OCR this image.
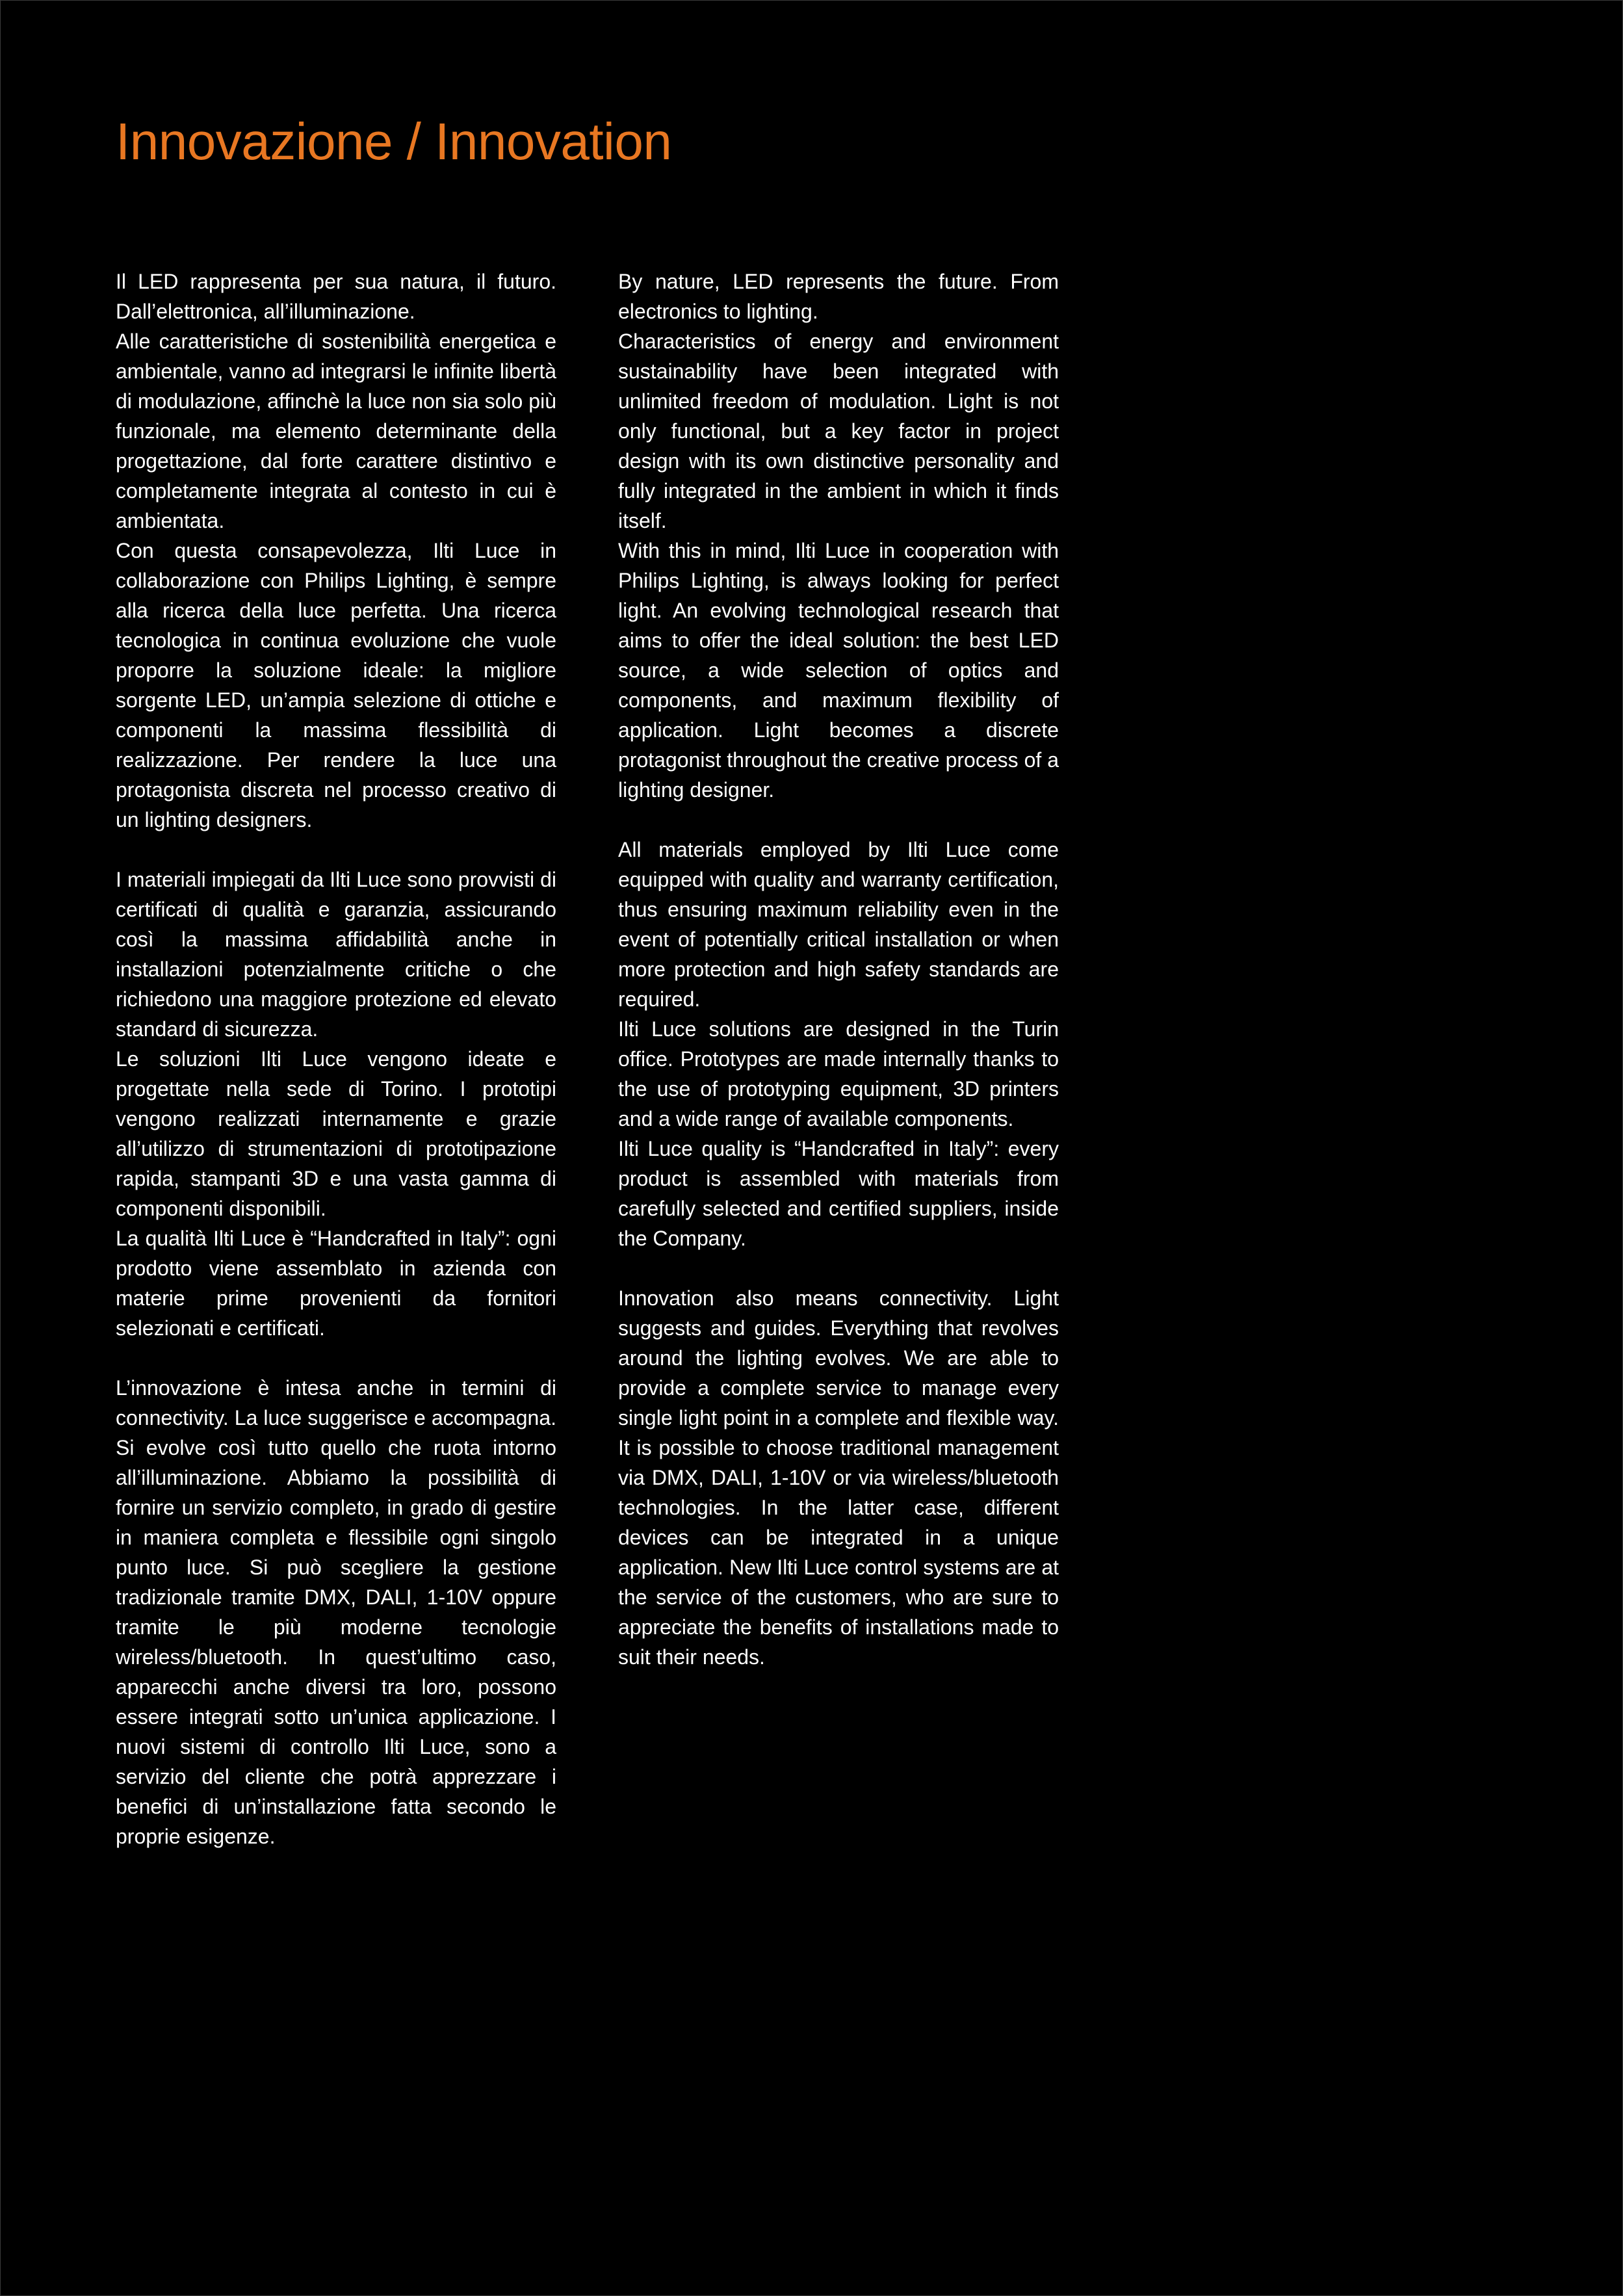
Innovazione / Innovation

Il LED rappresenta per sua natura, il futuro. Dall’elettronica, all’illuminazione.

Alle caratteristiche di sostenibilità energetica e ambientale, vanno ad integrarsi le infinite libertà di modulazione, affinchè la luce non sia solo più funzionale, ma elemento determinante della progettazione, dal forte carattere distintivo e completamente integrata al contesto in cui è ambientata.

Con questa consapevolezza, Ilti Luce in collaborazione con Philips Lighting, è sempre alla ricerca della luce perfetta. Una ricerca tecnologica in continua evoluzione che vuole proporre la soluzione ideale: la migliore sorgente LED, un’ampia selezione di ottiche e componenti la massima flessibilità di realizzazione. Per rendere la luce una protagonista discreta nel processo creativo di un lighting designers.

I materiali impiegati da Ilti Luce sono provvisti di certificati di qualità e garanzia, assicurando così la massima affidabilità anche in installazioni potenzialmente critiche o che richiedono una maggiore protezione ed elevato standard di sicurezza.

Le soluzioni Ilti Luce vengono ideate e progettate nella sede di Torino. I prototipi vengono realizzati internamente e grazie all’utilizzo di strumentazioni di prototipazione rapida, stampanti 3D e una vasta gamma di componenti disponibili.

La qualità Ilti Luce è “Handcrafted in Italy”: ogni prodotto viene assemblato in azienda con materie prime provenienti da fornitori selezionati e certificati.

L’innovazione è intesa anche in termini di connectivity. La luce suggerisce e accompagna. Si evolve così tutto quello che ruota intorno all’illuminazione. Abbiamo la possibilità di fornire un servizio completo, in grado di gestire in maniera completa e flessibile ogni singolo punto luce. Si può scegliere la gestione tradizionale tramite DMX, DALI, 1-10V oppure tramite le più moderne tecnologie wireless/bluetooth. In quest’ultimo caso, apparecchi anche diversi tra loro, possono essere integrati sotto un’unica applicazione. I nuovi sistemi di controllo Ilti Luce, sono a servizio del cliente che potrà apprezzare i benefici di un’installazione fatta secondo le proprie esigenze.

By nature, LED represents the future. From electronics to lighting.

Characteristics of energy and environment sustainability have been integrated with unlimited freedom of modulation. Light is not only functional, but a key factor in project design with its own distinctive personality and fully integrated in the ambient in which it finds itself.

With this in mind, Ilti Luce in cooperation with Philips Lighting, is always looking for perfect light. An evolving technological research that aims to offer the ideal solution: the best LED source, a wide selection of optics and components, and maximum flexibility of application. Light becomes a discrete protagonist throughout the creative process of a lighting designer.

All materials employed by Ilti Luce come equipped with quality and warranty certification, thus ensuring maximum reliability even in the event of potentially critical installation or when more protection and high safety standards are required.

Ilti Luce solutions are designed in the Turin office. Prototypes are made internally thanks to the use of prototyping equipment, 3D printers and a wide range of available components.

Ilti Luce quality is “Handcrafted in Italy”: every product is assembled with materials from carefully selected and certified suppliers, inside the Company.

Innovation also means connectivity. Light suggests and guides. Everything that revolves around the lighting evolves. We are able to provide a complete service to manage every single light point in a complete and flexible way. It is possible to choose traditional management via DMX, DALI, 1-10V or via wireless/bluetooth technologies. In the latter case, different devices can be integrated in a unique application. New Ilti Luce control systems are at the service of the customers, who are sure to appreciate the benefits of installations made to suit their needs.
